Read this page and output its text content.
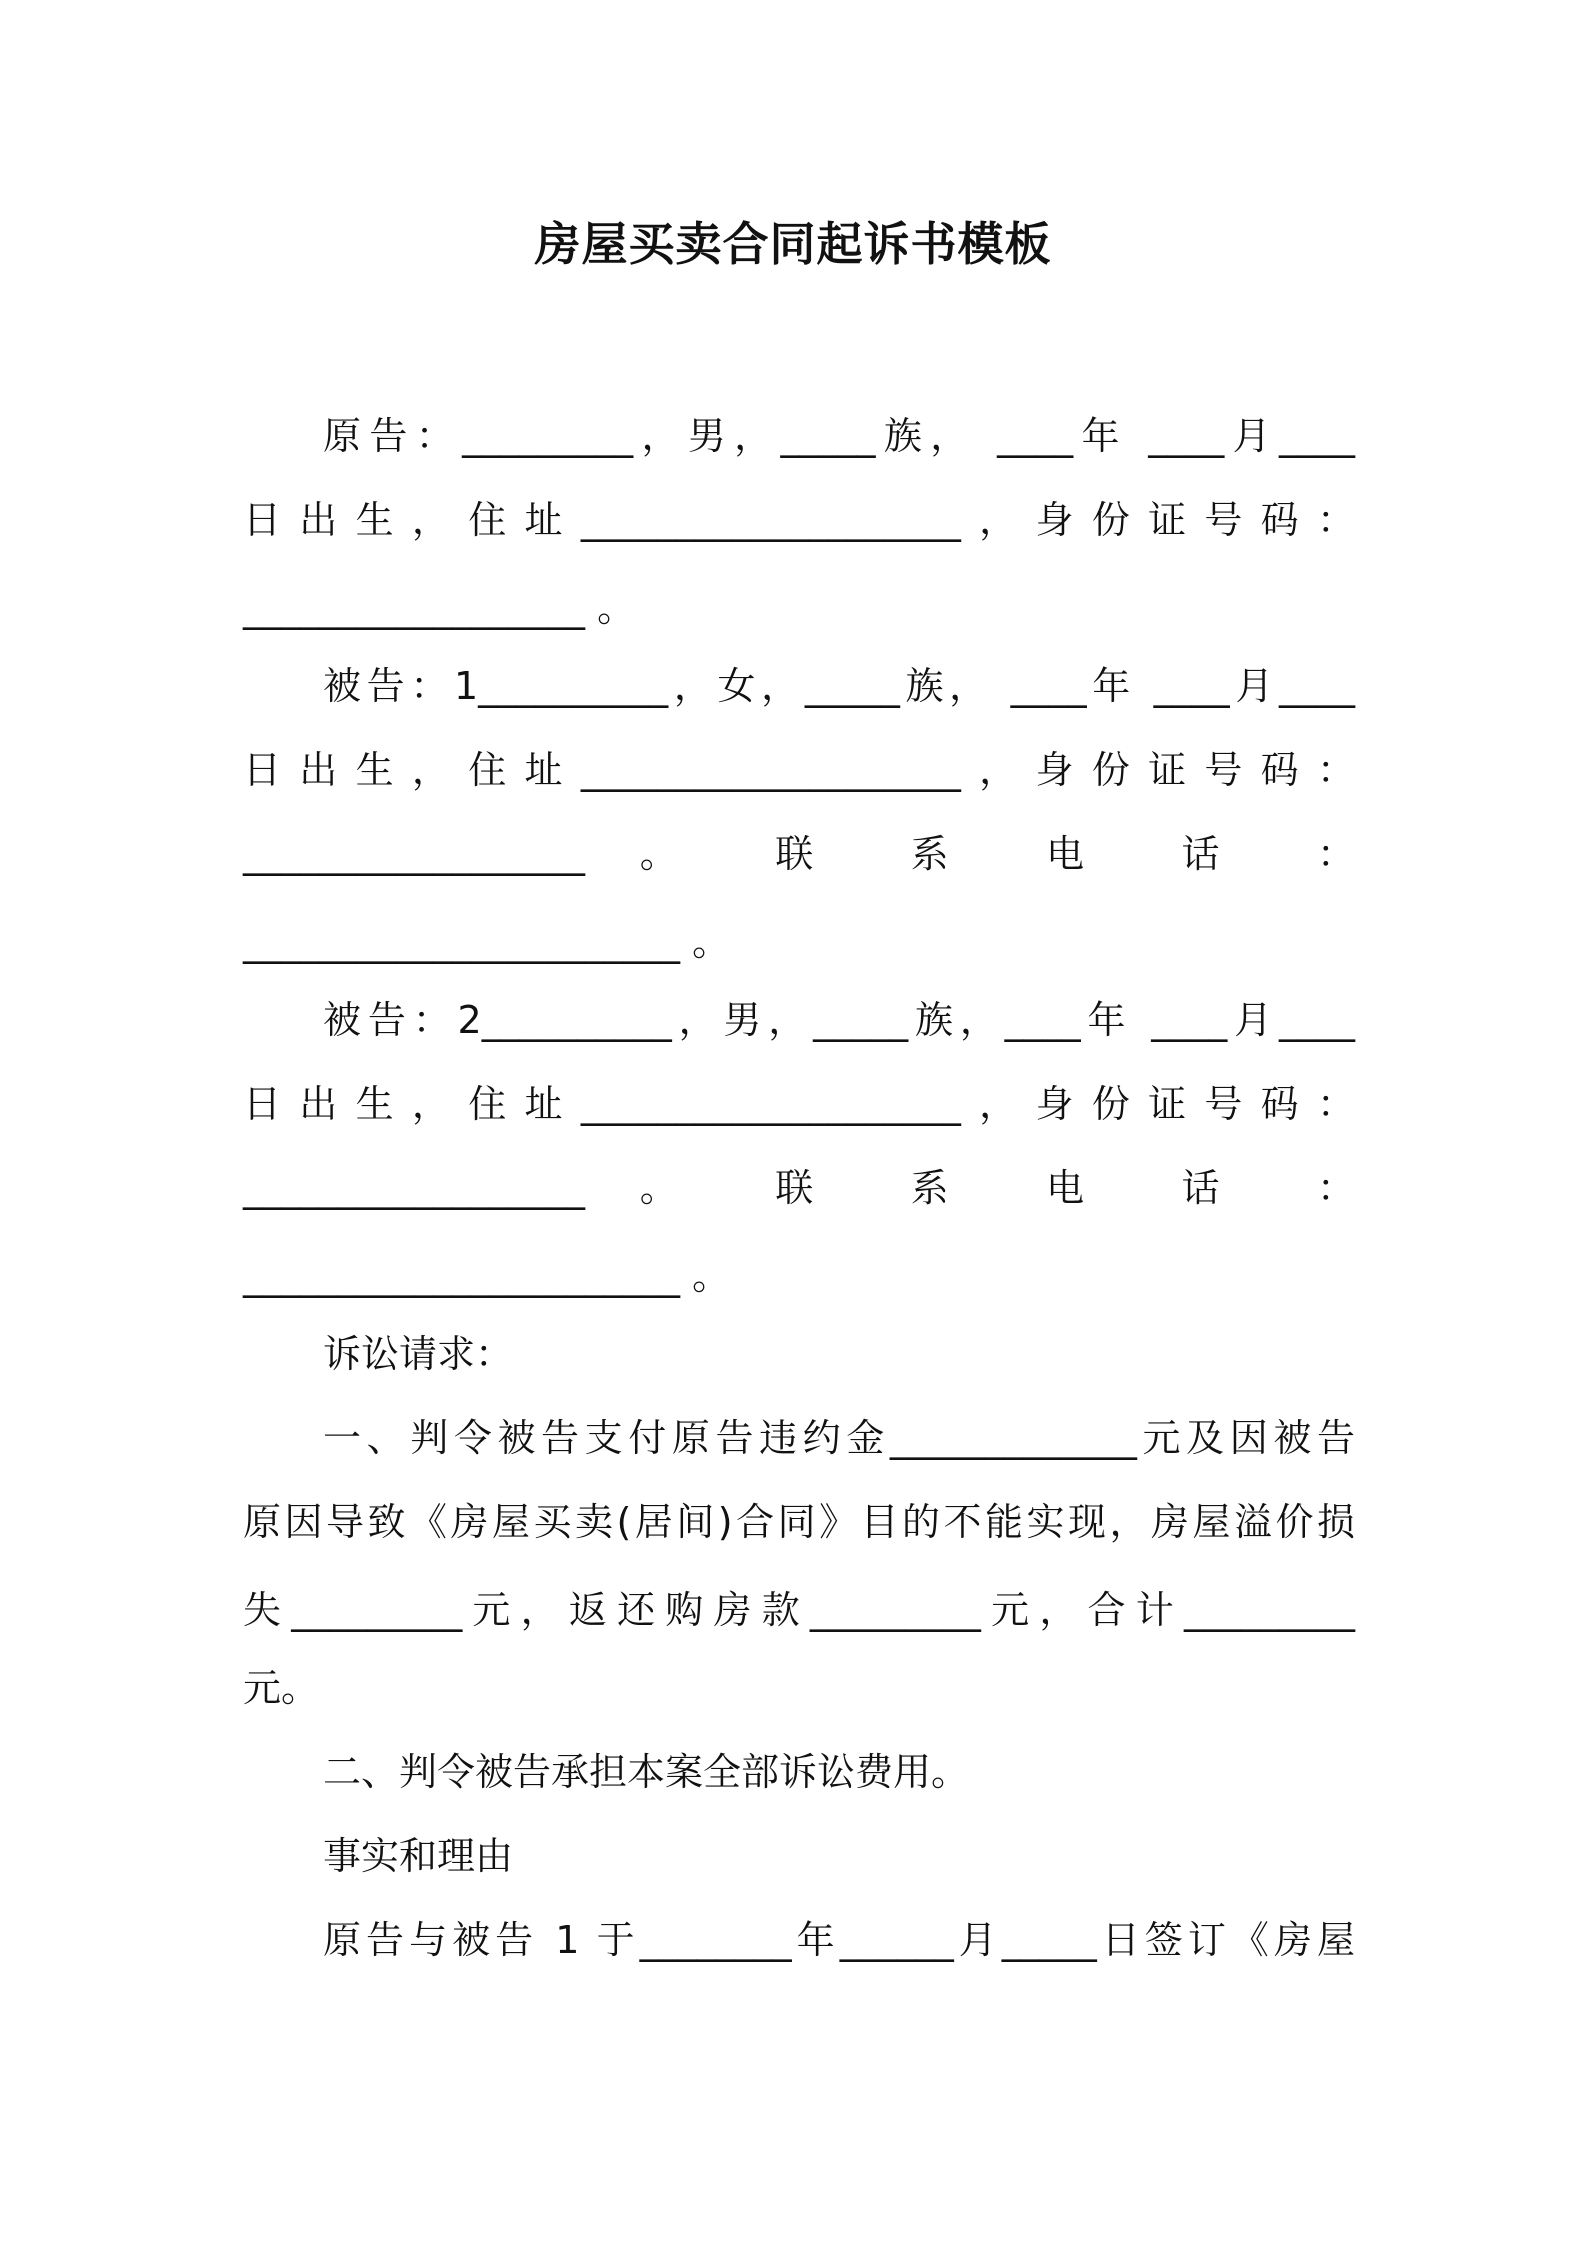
房屋买卖合同起诉书模板
原告：_________，男，_____族， ____年 ____月____
日出生，住址____________________，身份证号码：
__________________ 。
被告：1__________，女，_____族， ____年 ____月____
日出生，住址____________________，身份证号码：
__________________ 。 联 系 电 话 ：
_______________________ 。
被告：2__________，男，_____族，____年 ____月____
日出生，住址____________________，身份证号码：
__________________ 。 联 系 电 话 ：
_______________________ 。
诉讼请求：
一、判令被告支付原告违约金_____________元及因被告
原因导致《房屋买卖(居间)合同》目的不能实现，房屋溢价损
失_________元，返还购房款_________元，合计_________
元。
二、判令被告承担本案全部诉讼费用。
事实和理由
原告与被告 1 于________年______月_____日签订《房屋
